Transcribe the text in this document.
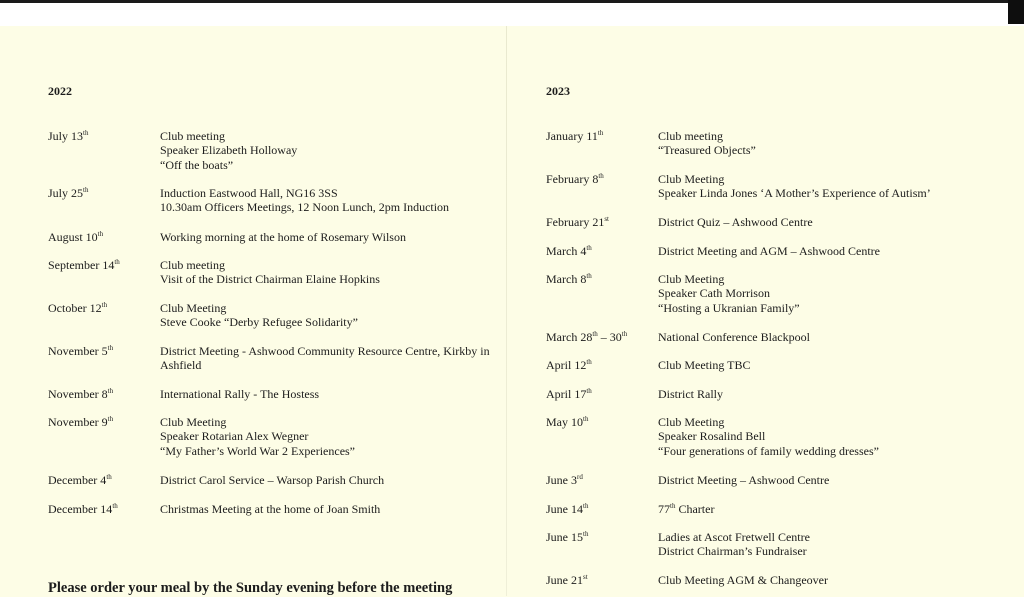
2022
July 13th	Club meeting
Speaker Elizabeth Holloway
“Off the boats”
July 25th	Induction Eastwood Hall, NG16 3SS
10.30am Officers Meetings, 12 Noon Lunch, 2pm Induction
August 10th	Working morning at the home of Rosemary Wilson
September 14th	Club meeting
Visit of the District Chairman Elaine Hopkins
October 12th	Club Meeting
Steve Cooke “Derby Refugee Solidarity”
November 5th	District Meeting - Ashwood Community Resource Centre, Kirkby in Ashfield
November 8th	International Rally - The Hostess
November 9th	Club Meeting
Speaker Rotarian Alex Wegner
“My Father’s World War 2 Experiences”
December 4th	District Carol Service – Warsop Parish Church
December 14th	Christmas Meeting at the home of Joan Smith
Please order your meal by the Sunday evening before the meeting
2023
January 11th	Club meeting
“Treasured Objects”
February 8th	Club Meeting
Speaker Linda Jones ‘A Mother’s Experience of Autism’
February 21st	District Quiz – Ashwood Centre
March 4th	District Meeting and AGM – Ashwood Centre
March 8th	Club Meeting
Speaker Cath Morrison
“Hosting a Ukranian Family”
March 28th – 30th	National Conference Blackpool
April 12th	Club Meeting TBC
April 17th	District Rally
May 10th	Club Meeting
Speaker Rosalind Bell
“Four generations of family wedding dresses”
June 3rd	District Meeting – Ashwood Centre
June 14th	77th Charter
June 15th	Ladies at Ascot Fretwell Centre
District Chairman’s Fundraiser
June 21st	Club Meeting AGM & Changeover
